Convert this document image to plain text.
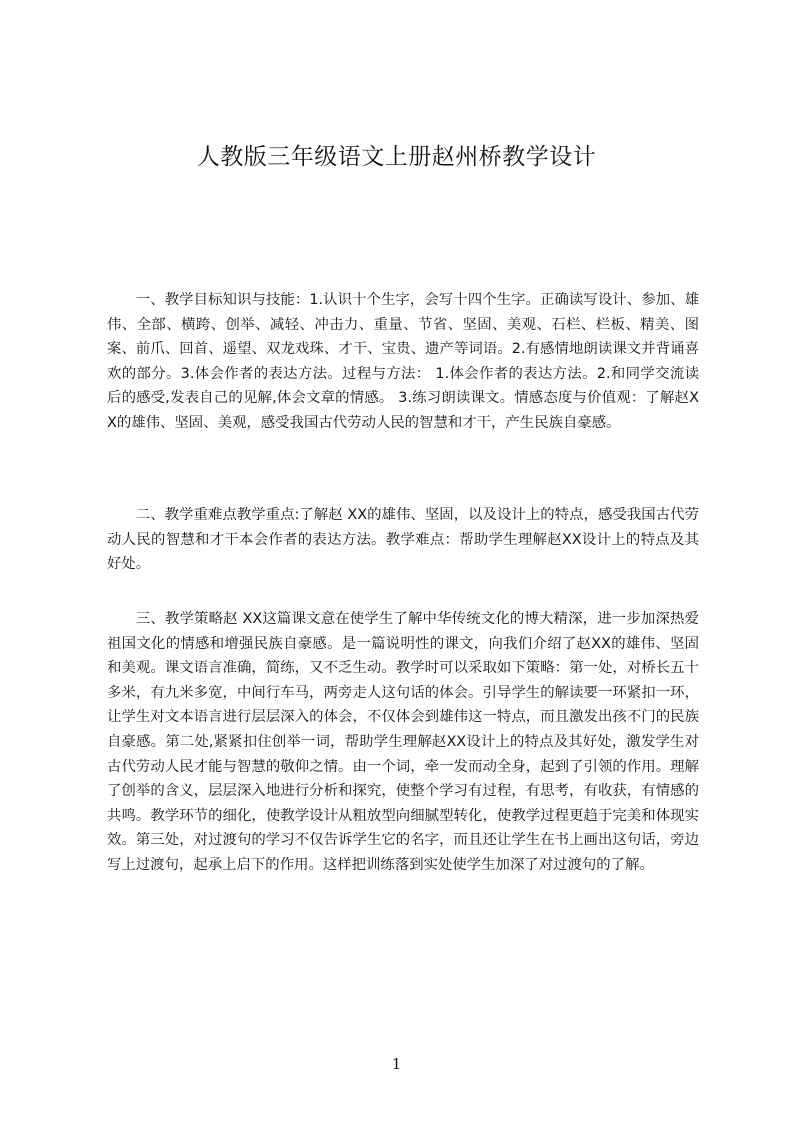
人教版三年级语文上册赵州桥教学设计

一、教学目标知识与技能：1.认识十个生字，会写十四个生字。正确读写设计、参加、雄伟、全部、横跨、创举、减轻、冲击力、重量、节省、坚固、美观、石栏、栏板、精美、图案、前爪、回首、遥望、双龙戏珠、才干、宝贵、遗产等词语。2.有感情地朗读课文并背诵喜欢的部分。3.体会作者的表达方法。过程与方法： 1.体会作者的表达方法。2.和同学交流读后的感受,发表自己的见解,体会文章的情感。 3.练习朗读课文。情感态度与价值观：了解赵XX的雄伟、坚固、美观，感受我国古代劳动人民的智慧和才干，产生民族自豪感。

二、教学重难点教学重点:了解赵 XX的雄伟、坚固，以及设计上的特点，感受我国古代劳动人民的智慧和才干本会作者的表达方法。教学难点：帮助学生理解赵XX设计上的特点及其好处。

三、教学策略赵 XX这篇课文意在使学生了解中华传统文化的博大精深，进一步加深热爱祖国文化的情感和增强民族自豪感。是一篇说明性的课文，向我们介绍了赵XX的雄伟、坚固和美观。课文语言准确，简练，又不乏生动。教学时可以采取如下策略：第一处，对桥长五十多米，有九米多宽，中间行车马，两旁走人这句话的体会。引导学生的解读要一环紧扣一环，让学生对文本语言进行层层深入的体会，不仅体会到雄伟这一特点，而且激发出孩不门的民族自豪感。第二处,紧紧扣住创举一词，帮助学生理解赵XX设计上的特点及其好处，激发学生对古代劳动人民才能与智慧的敬仰之情。由一个词，牵一发而动全身，起到了引领的作用。理解了创举的含义，层层深入地进行分析和探究，使整个学习有过程，有思考，有收获，有情感的共鸣。教学环节的细化，使教学设计从粗放型向细腻型转化，使教学过程更趋于完美和体现实效。第三处，对过渡句的学习不仅告诉学生它的名字，而且还让学生在书上画出这句话，旁边写上过渡句，起承上启下的作用。这样把训练落到实处使学生加深了对过渡句的了解。

1
